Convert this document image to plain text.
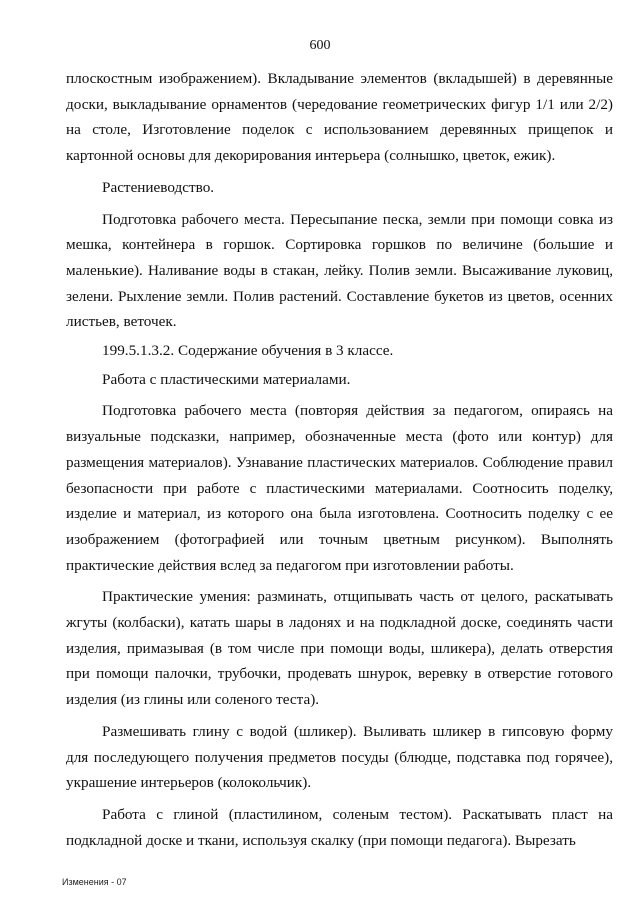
600

плоскостным изображением). Вкладывание элементов (вкладышей) в деревянные доски, выкладывание орнаментов (чередование геометрических фигур 1/1 или 2/2) на столе, Изготовление поделок с использованием деревянных прищепок и картонной основы для декорирования интерьера (солнышко, цветок, ежик).

Растениеводство.

Подготовка рабочего места. Пересыпание песка, земли при помощи совка из мешка, контейнера в горшок. Сортировка горшков по величине (большие и маленькие). Наливание воды в стакан, лейку. Полив земли. Высаживание луковиц, зелени. Рыхление земли. Полив растений. Составление букетов из цветов, осенних листьев, веточек.

199.5.1.3.2. Содержание обучения в 3 классе.

Работа с пластическими материалами.

Подготовка рабочего места (повторяя действия за педагогом, опираясь на визуальные подсказки, например, обозначенные места (фото или контур) для размещения материалов). Узнавание пластических материалов. Соблюдение правил безопасности при работе с пластическими материалами. Соотносить поделку, изделие и материал, из которого она была изготовлена. Соотносить поделку с ее изображением (фотографией или точным цветным рисунком). Выполнять практические действия вслед за педагогом при изготовлении работы.

Практические умения: разминать, отщипывать часть от целого, раскатывать жгуты (колбаски), катать шары в ладонях и на подкладной доске, соединять части изделия, примазывая (в том числе при помощи воды, шликера), делать отверстия при помощи палочки, трубочки, продевать шнурок, веревку в отверстие готового изделия (из глины или соленого теста).

Размешивать глину с водой (шликер). Выливать шликер в гипсовую форму для последующего получения предметов посуды (блюдце, подставка под горячее), украшение интерьеров (колокольчик).

Работа с глиной (пластилином, соленым тестом). Раскатывать пласт на подкладной доске и ткани, используя скалку (при помощи педагога). Вырезать

Изменения - 07
